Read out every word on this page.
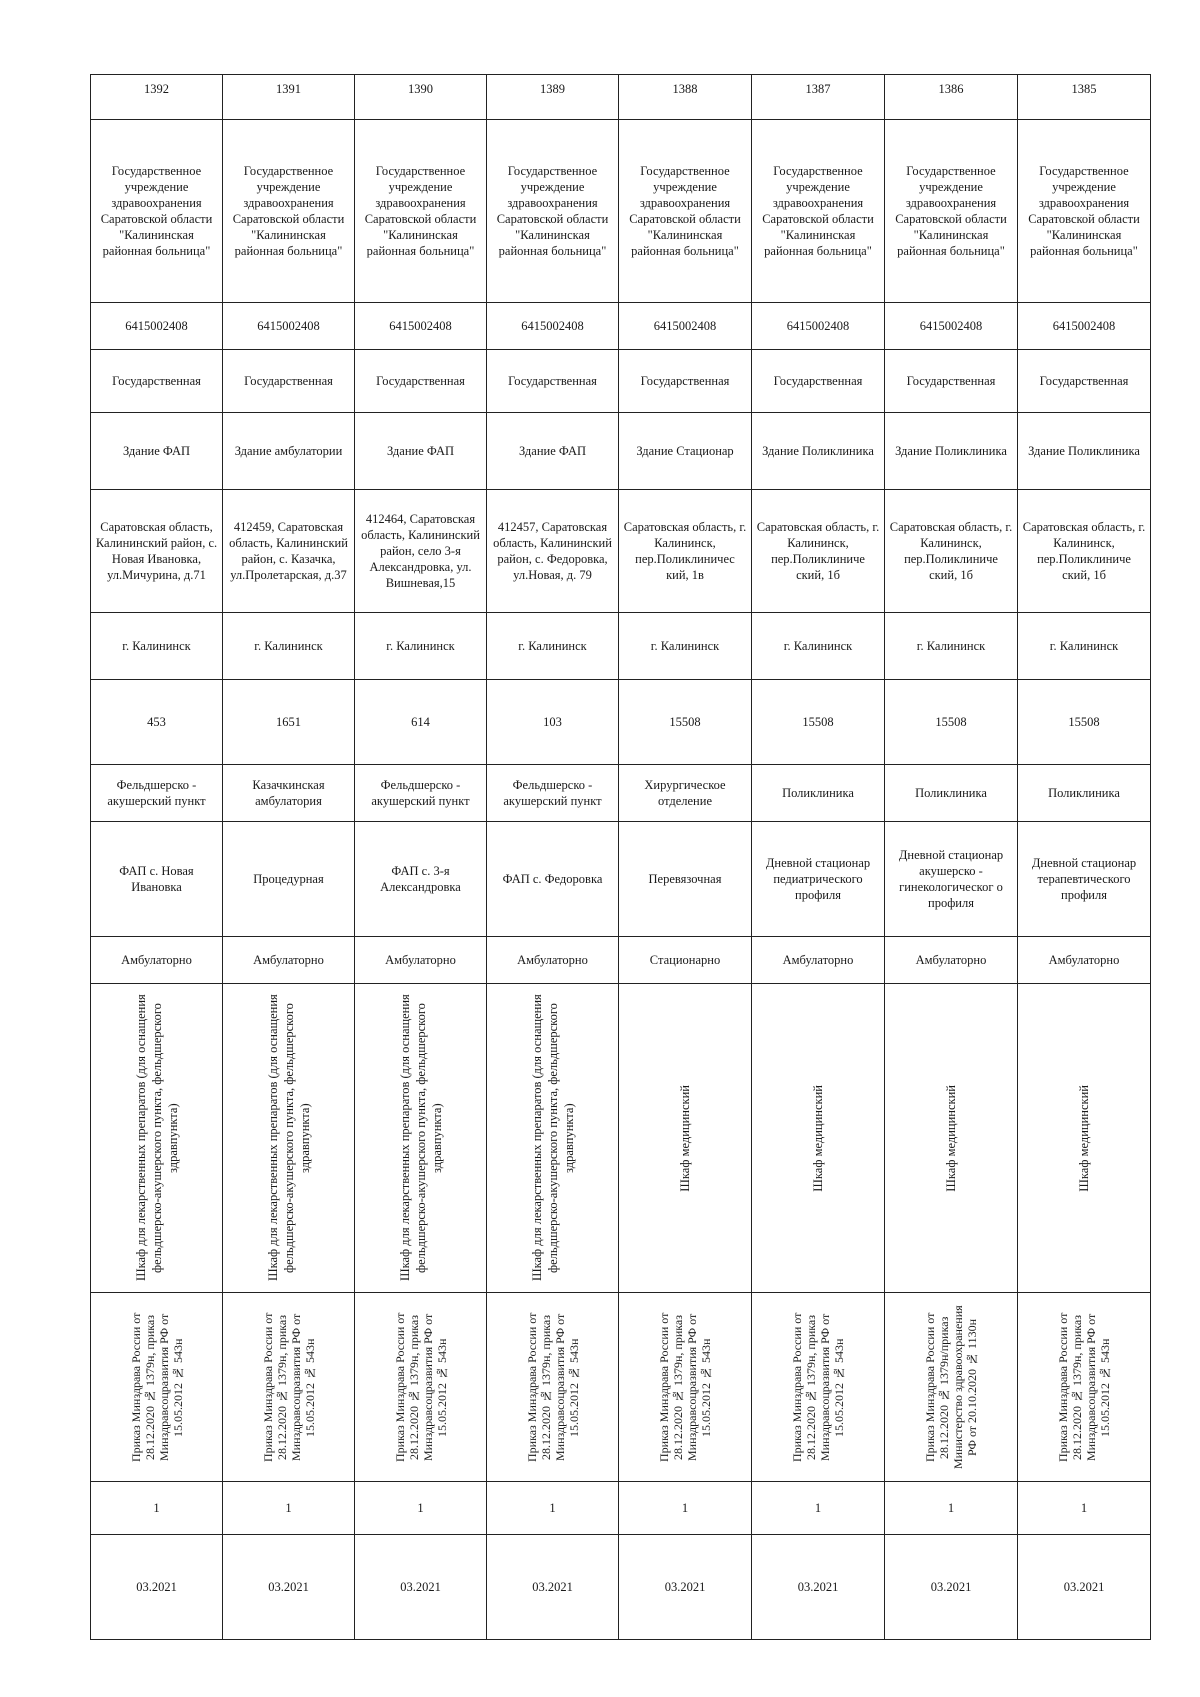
1392	1391	1390	1389	1388	1387	1386	1385
Государственное учреждение здравоохранения Саратовской области "Калининская районная больница"	Государственное учреждение здравоохранения Саратовской области "Калининская районная больница"	Государственное учреждение здравоохранения Саратовской области "Калининская районная больница"	Государственное учреждение здравоохранения Саратовской области "Калининская районная больница"	Государственное учреждение здравоохранения Саратовской области "Калининская районная больница"	Государственное учреждение здравоохранения Саратовской области "Калининская районная больница"	Государственное учреждение здравоохранения Саратовской области "Калининская районная больница"	Государственное учреждение здравоохранения Саратовской области "Калининская районная больница"
6415002408	6415002408	6415002408	6415002408	6415002408	6415002408	6415002408	6415002408
Государственная	Государственная	Государственная	Государственная	Государственная	Государственная	Государственная	Государственная
Здание ФАП	Здание амбулатории	Здание ФАП	Здание ФАП	Здание Стационар	Здание Поликлиника	Здание Поликлиника	Здание Поликлиника
Саратовская область, Калининский район, с. Новая Ивановка, ул.Мичурина, д.71	412459, Саратовская область, Калининский район, с. Казачка, ул.Пролетарская, д.37	412464, Саратовская область, Калининский район, село 3-я Александровка, ул. Вишневая,15	412457, Саратовская область, Калининский район, с. Федоровка, ул.Новая, д. 79	Саратовская область, г. Калининск, пер.Поликлиничес кий, 1в	Саратовская область, г. Калининск, пер.Поликлиниче ский, 1б	Саратовская область, г. Калининск, пер.Поликлиниче ский, 1б	Саратовская область, г. Калининск, пер.Поликлиниче ский, 1б
г. Калининск	г. Калининск	г. Калининск	г. Калининск	г. Калининск	г. Калининск	г. Калининск	г. Калининск
453	1651	614	103	15508	15508	15508	15508
Фельдшерско - акушерский пункт	Казачкинская амбулатория	Фельдшерско - акушерский пункт	Фельдшерско - акушерский пункт	Хирургическое отделение	Поликлиника	Поликлиника	Поликлиника
ФАП с. Новая Ивановка	Процедурная	ФАП с. 3-я Александровка	ФАП с. Федоровка	Перевязочная	Дневной стационар педиатрического профиля	Дневной стационар акушерско - гинекологическог о профиля	Дневной стационар терапевтического профиля
Амбулаторно	Амбулаторно	Амбулаторно	Амбулаторно	Стационарно	Амбулаторно	Амбулаторно	Амбулаторно

Шкаф для лекарственных препаратов (для оснащения фельдшерско-акушерского пункта, фельдшерского здравпункта)	Шкаф для лекарственных препаратов (для оснащения фельдшерско-акушерского пункта, фельдшерского здравпункта)	Шкаф для лекарственных препаратов (для оснащения фельдшерско-акушерского пункта, фельдшерского здравпункта)	Шкаф для лекарственных препаратов (для оснащения фельдшерско-акушерского пункта, фельдшерского здравпункта)	Шкаф медицинский	Шкаф медицинский	Шкаф медицинский	Шкаф медицинский

Приказ Минздрава России от 28.12.2020 № 1379н, приказ Минздравсоцразвития РФ от 15.05.2012 № 543н	Приказ Минздрава России от 28.12.2020 № 1379н, приказ Минздравсоцразвития РФ от 15.05.2012 № 543н	Приказ Минздрава России от 28.12.2020 № 1379н, приказ Минздравсоцразвития РФ от 15.05.2012 № 543н	Приказ Минздрава России от 28.12.2020 № 1379н, приказ Минздравсоцразвития РФ от 15.05.2012 № 543н	Приказ Минздрава России от 28.12.2020 № 1379н, приказ Минздравсоцразвития РФ от 15.05.2012 № 543н	Приказ Минздрава России от 28.12.2020 № 1379н, приказ Минздравсоцразвития РФ от 15.05.2012 № 543н	Приказ Минздрава России от 28.12.2020 № 1379н/приказ Министерство здравоохранения РФ от 20.10.2020 № 1130н	Приказ Минздрава России от 28.12.2020 № 1379н, приказ Минздравсоцразвития РФ от 15.05.2012 № 543н

1	1	1	1	1	1	1	1
03.2021	03.2021	03.2021	03.2021	03.2021	03.2021	03.2021	03.2021
